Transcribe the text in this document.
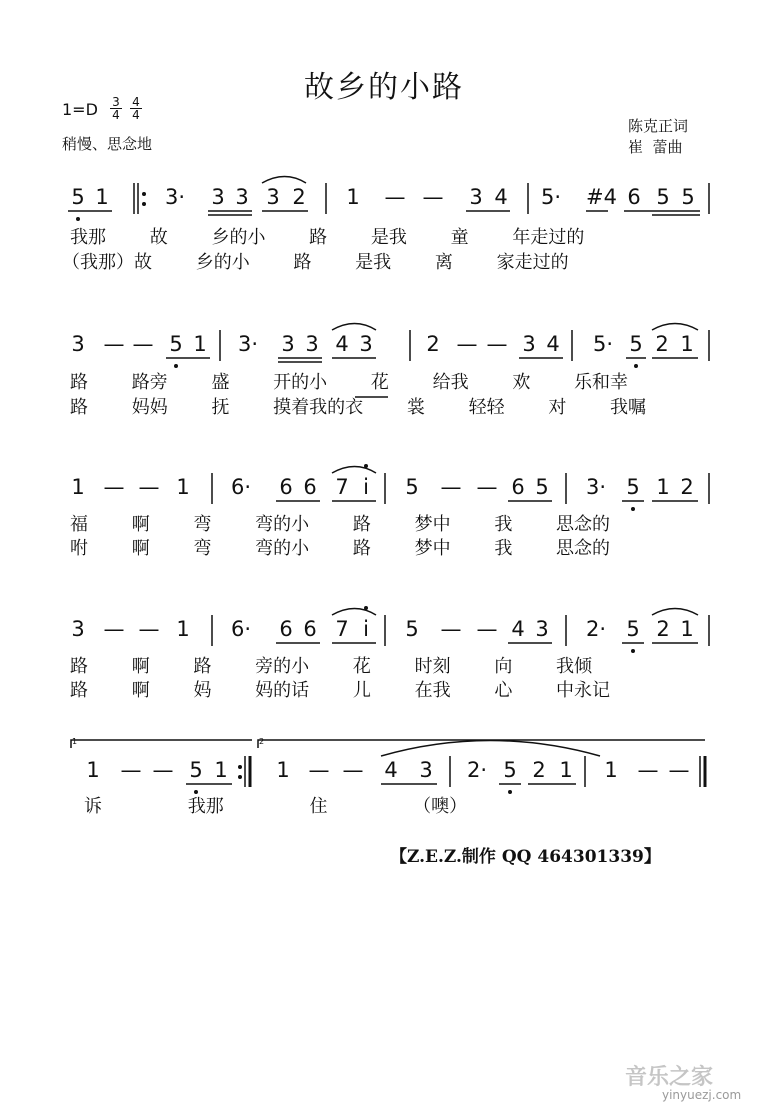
故乡的小路
$1=D \frac{3}{4} \frac{4}{4}$
稍慢、思念地
陈克正词
崔  蕾曲
5 1	3· 3 3 3 2 1 — — 3 4 5· #4 6 5 5
我那 故 乡的小 路 是我 童 年走过的
（我那）故 乡的小 路 是我 离 家走过的
3 — — 5 1 3· 3 3 4 3	2 — — 3 4 5· 5 2 1
路 路旁 盛 开的小 花 给我 欢 乐和幸
路 妈妈 抚 摸着我的衣 裳 轻轻 对 我嘱
1 — — 1 6· 6 6 7 i	5 — — 6 5 3· 5 1 2
福 啊 弯 弯的小 路 梦中 我 思念的
咐 啊 弯 弯的小 路 梦中 我 思念的
3 — — 1 6· 6 6 7 i	5 — — 4 3 2· 5 2 1
路 啊 路 旁的小 花 时刻 向 我倾
路 啊 妈 妈的话 儿 在我 心 中永记
1	2
1 — — 5 1 1 — — 4 3 2· 5 2 1 1 — —
诉 我那 住 （噢）
【Z.E.Z.制作 QQ 464301339】
音乐之家
yinyuezj.com
